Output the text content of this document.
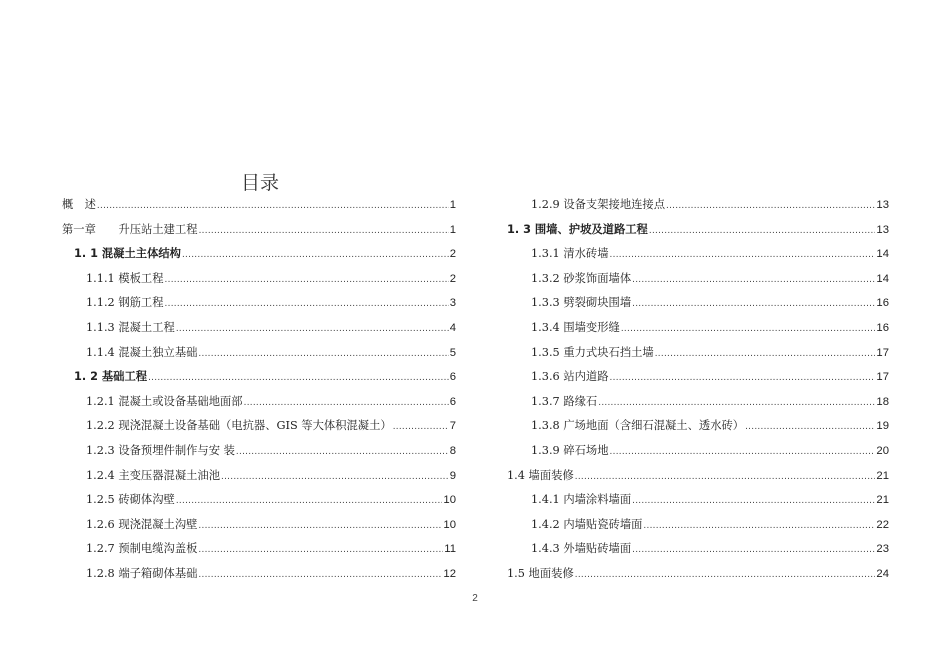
目录
概　述 .....	1
第一章　　升压站土建工程 .....	1
1. 1 混凝土主体结构 .....	2
1.1.1 模板工程 .....	2
1.1.2 钢筋工程 .....	3
1.1.3 混凝土工程 .....	4
1.1.4 混凝土独立基础 .....	5
1. 2 基础工程 .....	6
1.2.1 混凝土或设备基础地面部 .....	6
1.2.2 现浇混凝土设备基础（电抗器、GIS 等大体积混凝土） .....	7
1.2.3 设备预埋件制作与安 装 .....	8
1.2.4 主变压器混凝土油池 .....	9
1.2.5 砖砌体沟壁 .....	10
1.2.6 现浇混凝土沟壁 .....	10
1.2.7 预制电缆沟盖板 .....	11
1.2.8 端子箱砌体基础 .....	12
1.2.9 设备支架接地连接点 .....	13
1. 3 围墙、护坡及道路工程 .....	13
1.3.1 清水砖墙 .....	14
1.3.2 砂浆饰面墙体 .....	14
1.3.3 劈裂砌块围墙 .....	16
1.3.4 围墙变形缝 .....	16
1.3.5 重力式块石挡土墙 .....	17
1.3.6 站内道路 .....	17
1.3.7 路缘石 .....	18
1.3.8 广场地面（含细石混凝土、透水砖） .....	19
1.3.9 碎石场地 .....	20
1.4 墙面装修 .....	21
1.4.1 内墙涂料墙面 .....	21
1.4.2 内墙贴瓷砖墙面 .....	22
1.4.3 外墙贴砖墙面 .....	23
1.5 地面装修 .....	24
2
